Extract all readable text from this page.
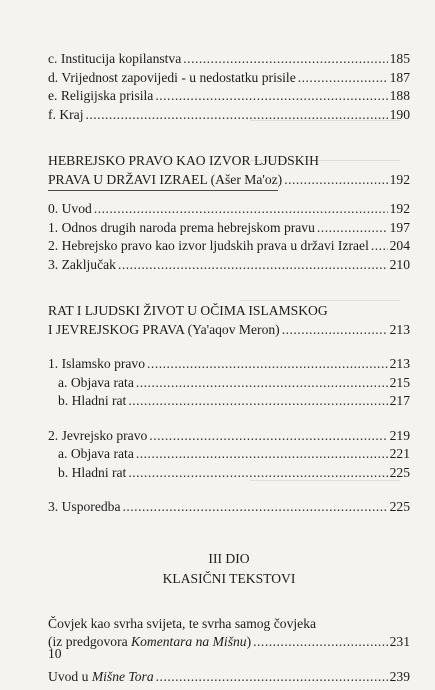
c. Institucija kopilanstva .....	185
d. Vrijednost zapovijedi - u nedostatku prisile .....	187
e. Religijska prisila .....	188
f. Kraj .....	190
HEBREJSKO PRAVO KAO IZVOR LJUDSKIH
PRAVA U DRŽAVI IZRAEL (Ašer Ma'oz) .....	192
0. Uvod .....	192
1. Odnos drugih naroda prema hebrejskom pravu .....	197
2. Hebrejsko pravo kao izvor ljudskih prava u državi Izrael ..... 204
3. Zaključak .....	210
RAT I LJUDSKI ŽIVOT U OČIMA ISLAMSKOG
I JEVREJSKOG PRAVA (Ya'aqov Meron) .....	213
1. Islamsko pravo .....	213
a. Objava rata .....	215
b. Hladni rat .....	217
2. Jevrejsko pravo .....	219
a. Objava rata .....	221
b. Hladni rat .....	225
3. Usporedba .....	225
III DIO
KLASIČNI TEKSTOVI
Čovjek kao svrha svijeta, te svrha samog čovjeka
(iz predgovora Komentara na Mišnu) .....	231
Uvod u Mišne Tora .....	239
10
